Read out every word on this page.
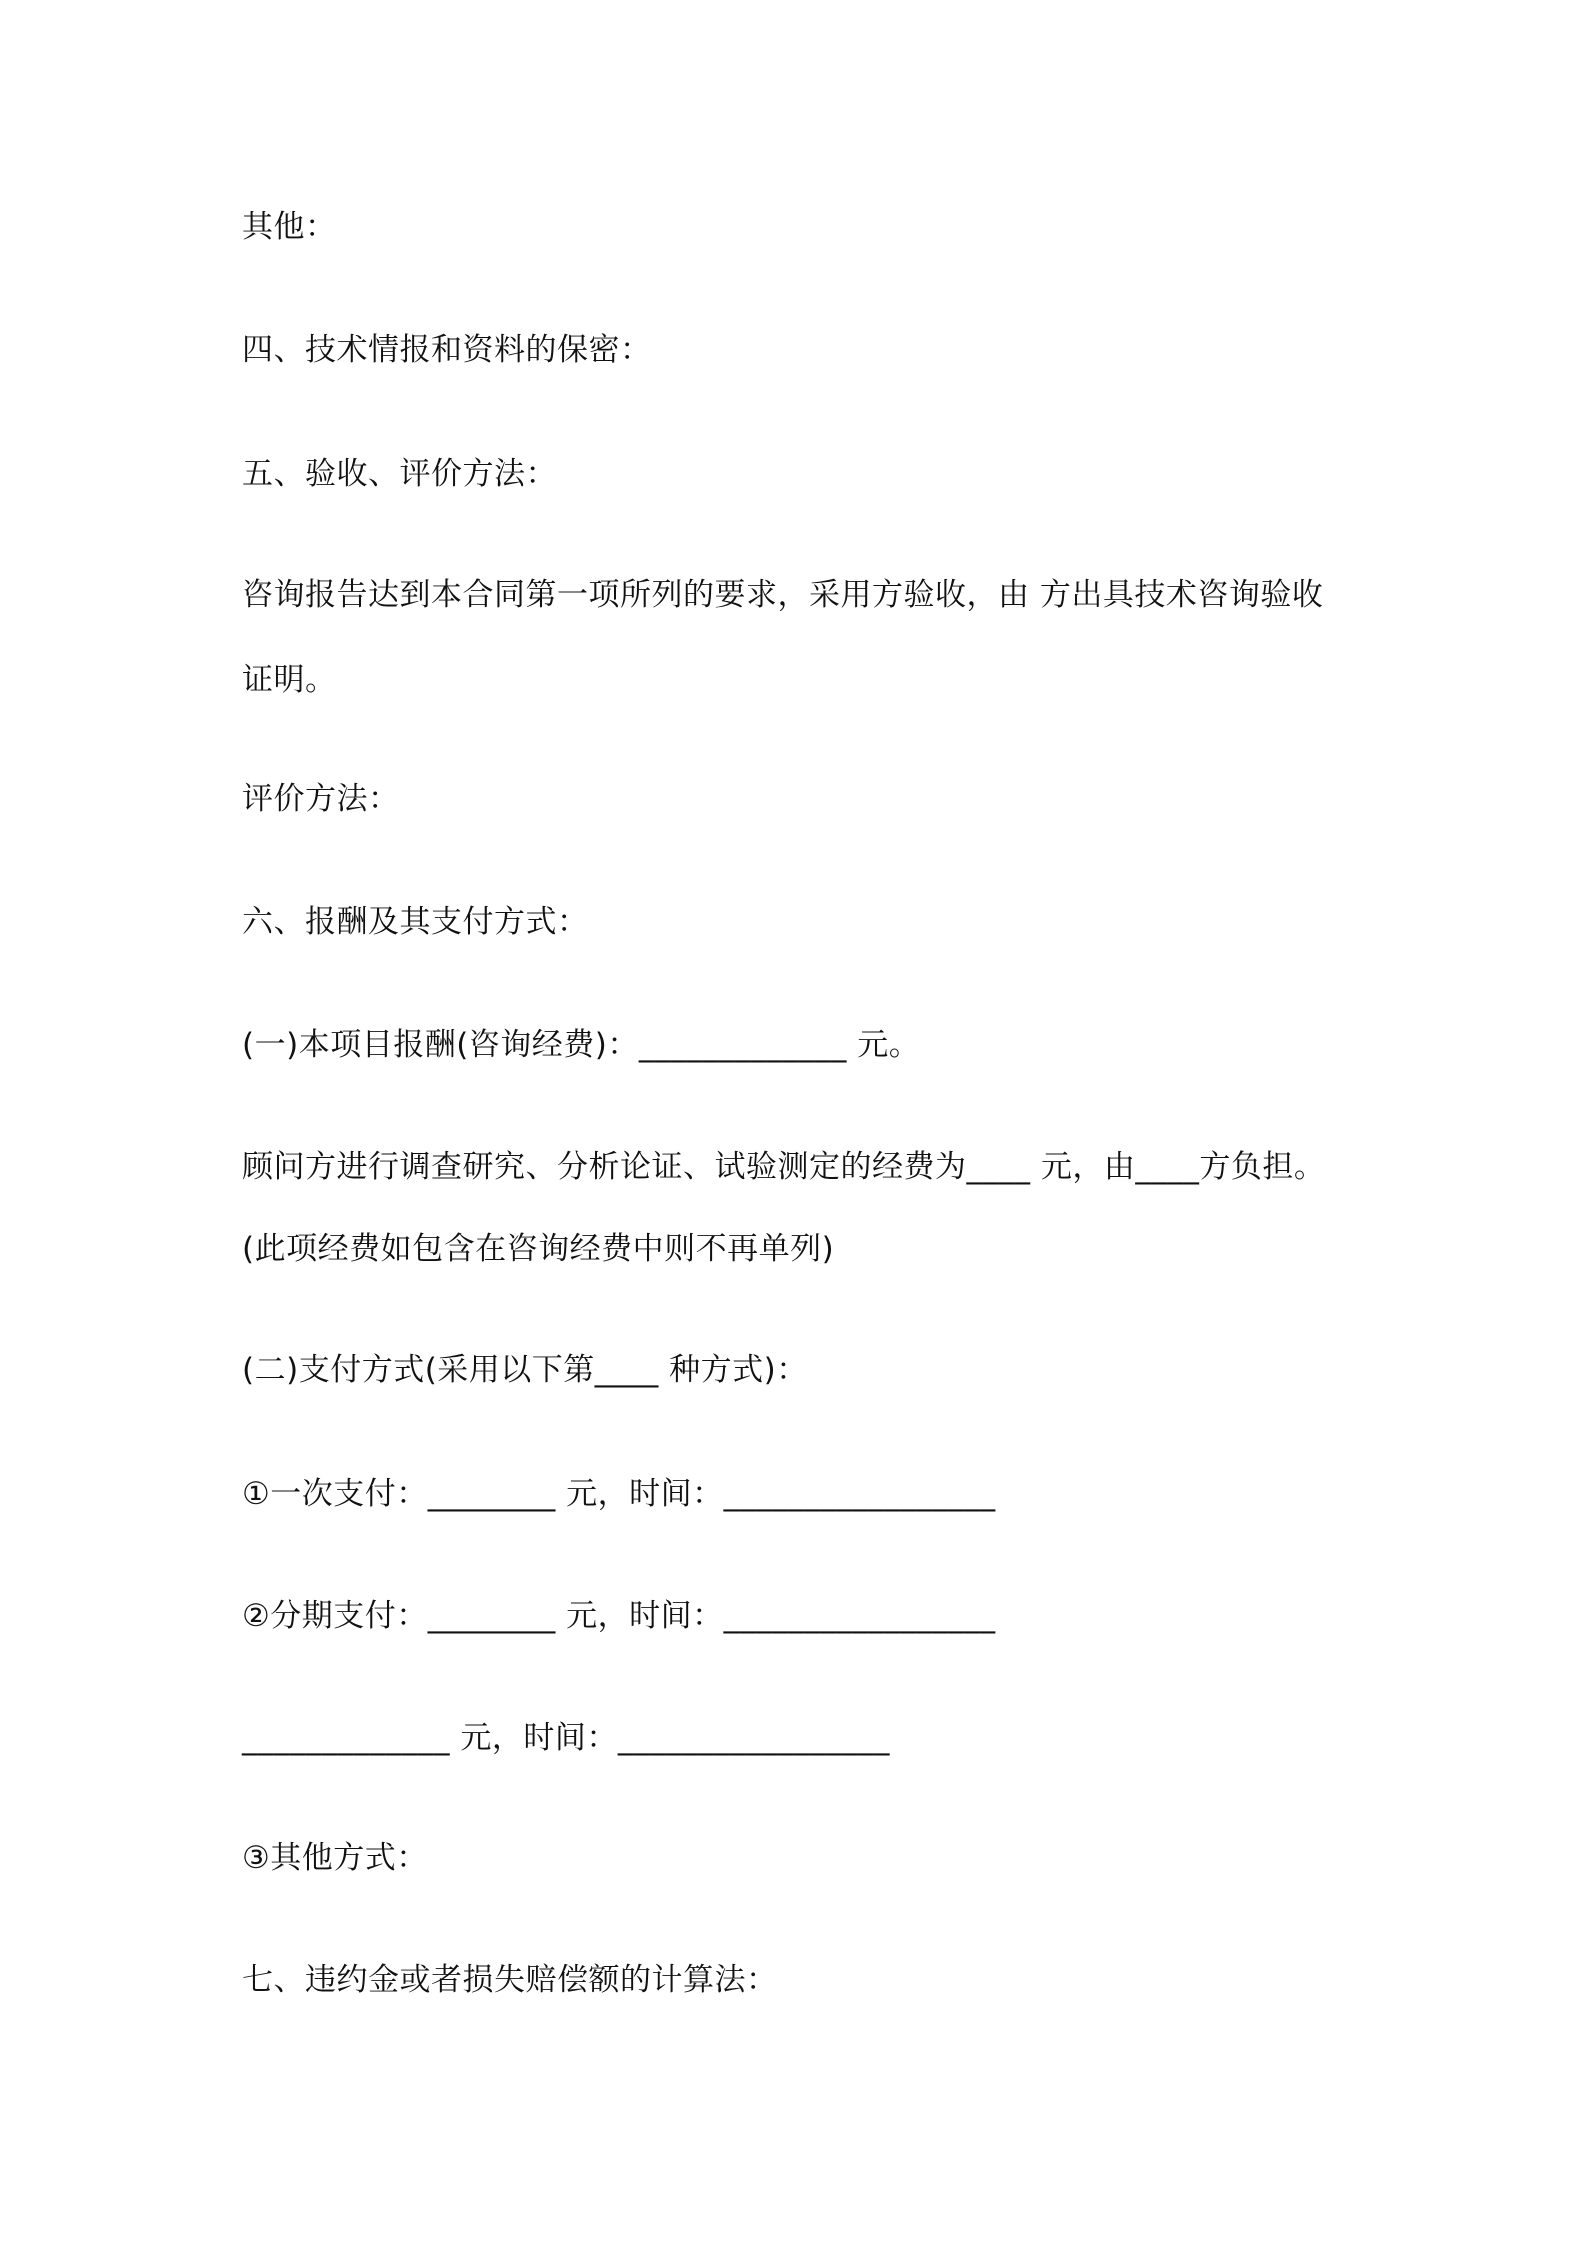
其他：
四、技术情报和资料的保密：
五、验收、评价方法：
咨询报告达到本合同第一项所列的要求，采用方验收，由 方出具技术咨询验收
证明。
评价方法：
六、报酬及其支付方式：
(一)本项目报酬(咨询经费)：_____________ 元。
顾问方进行调查研究、分析论证、试验测定的经费为____ 元，由____方负担。
(此项经费如包含在咨询经费中则不再单列)
(二)支付方式(采用以下第____ 种方式)：
①一次支付：________ 元，时间：_________________
②分期支付：________ 元，时间：_________________
_____________ 元，时间：_________________
③其他方式：
七、违约金或者损失赔偿额的计算法：
